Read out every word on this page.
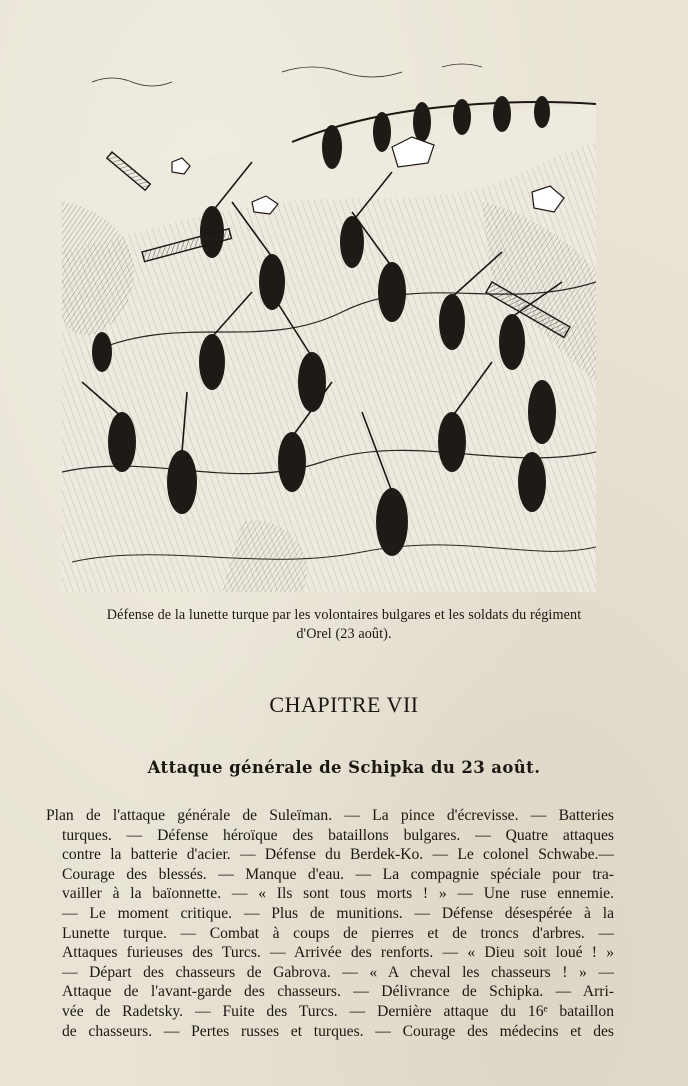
Défense de la lunette turque par les volontaires bulgares et les soldats du régiment
d'Orel (23 août).
CHAPITRE VII
Attaque générale de Schipka du 23 août.
Plan de l'attaque générale de Suleïman. — La pince d'écrevisse. — Batteries
turques. — Défense héroïque des bataillons bulgares. — Quatre attaques
contre la batterie d'acier. — Défense du Berdek-Ko. — Le colonel Schwabe.—
Courage des blessés. — Manque d'eau. — La compagnie spéciale pour tra-
vailler à la baïonnette. — « Ils sont tous morts ! » — Une ruse ennemie.
— Le moment critique. — Plus de munitions. — Défense désespérée à la
Lunette turque. — Combat à coups de pierres et de troncs d'arbres. —
Attaques furieuses des Turcs. — Arrivée des renforts. — « Dieu soit loué ! »
— Départ des chasseurs de Gabrova. — « A cheval les chasseurs ! » —
Attaque de l'avant-garde des chasseurs. — Délivrance de Schipka. — Arri-
vée de Radetsky. — Fuite des Turcs. — Dernière attaque du 16ᵉ bataillon
de chasseurs. — Pertes russes et turques. — Courage des médecins et des
